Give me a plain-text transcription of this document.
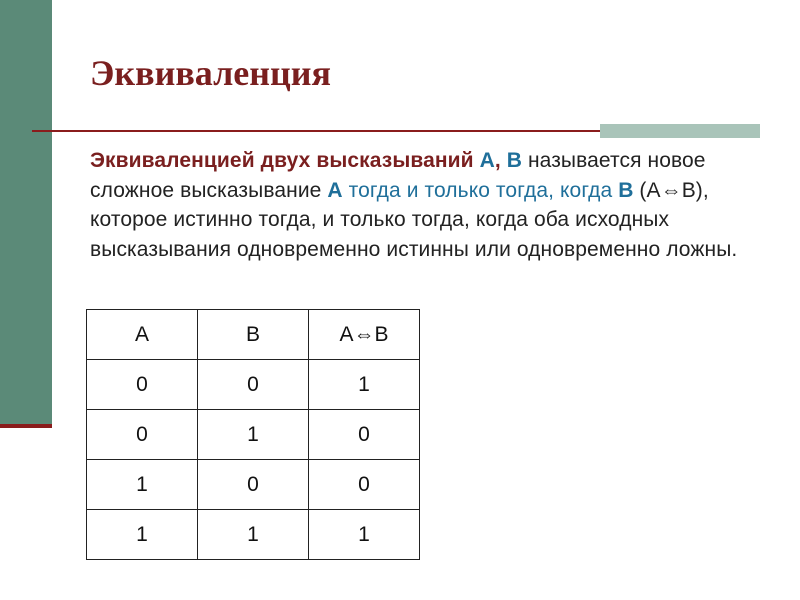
Эквиваленция
Эквиваленцией двух высказываний А, В называется новое сложное высказывание А тогда и только тогда, когда В (А⇔В), которое истинно тогда, и только тогда, когда оба исходных высказывания одновременно истинны или одновременно ложны.
А	В	А⇔В
0	0	1
0	1	0
1	0	0
1	1	1
